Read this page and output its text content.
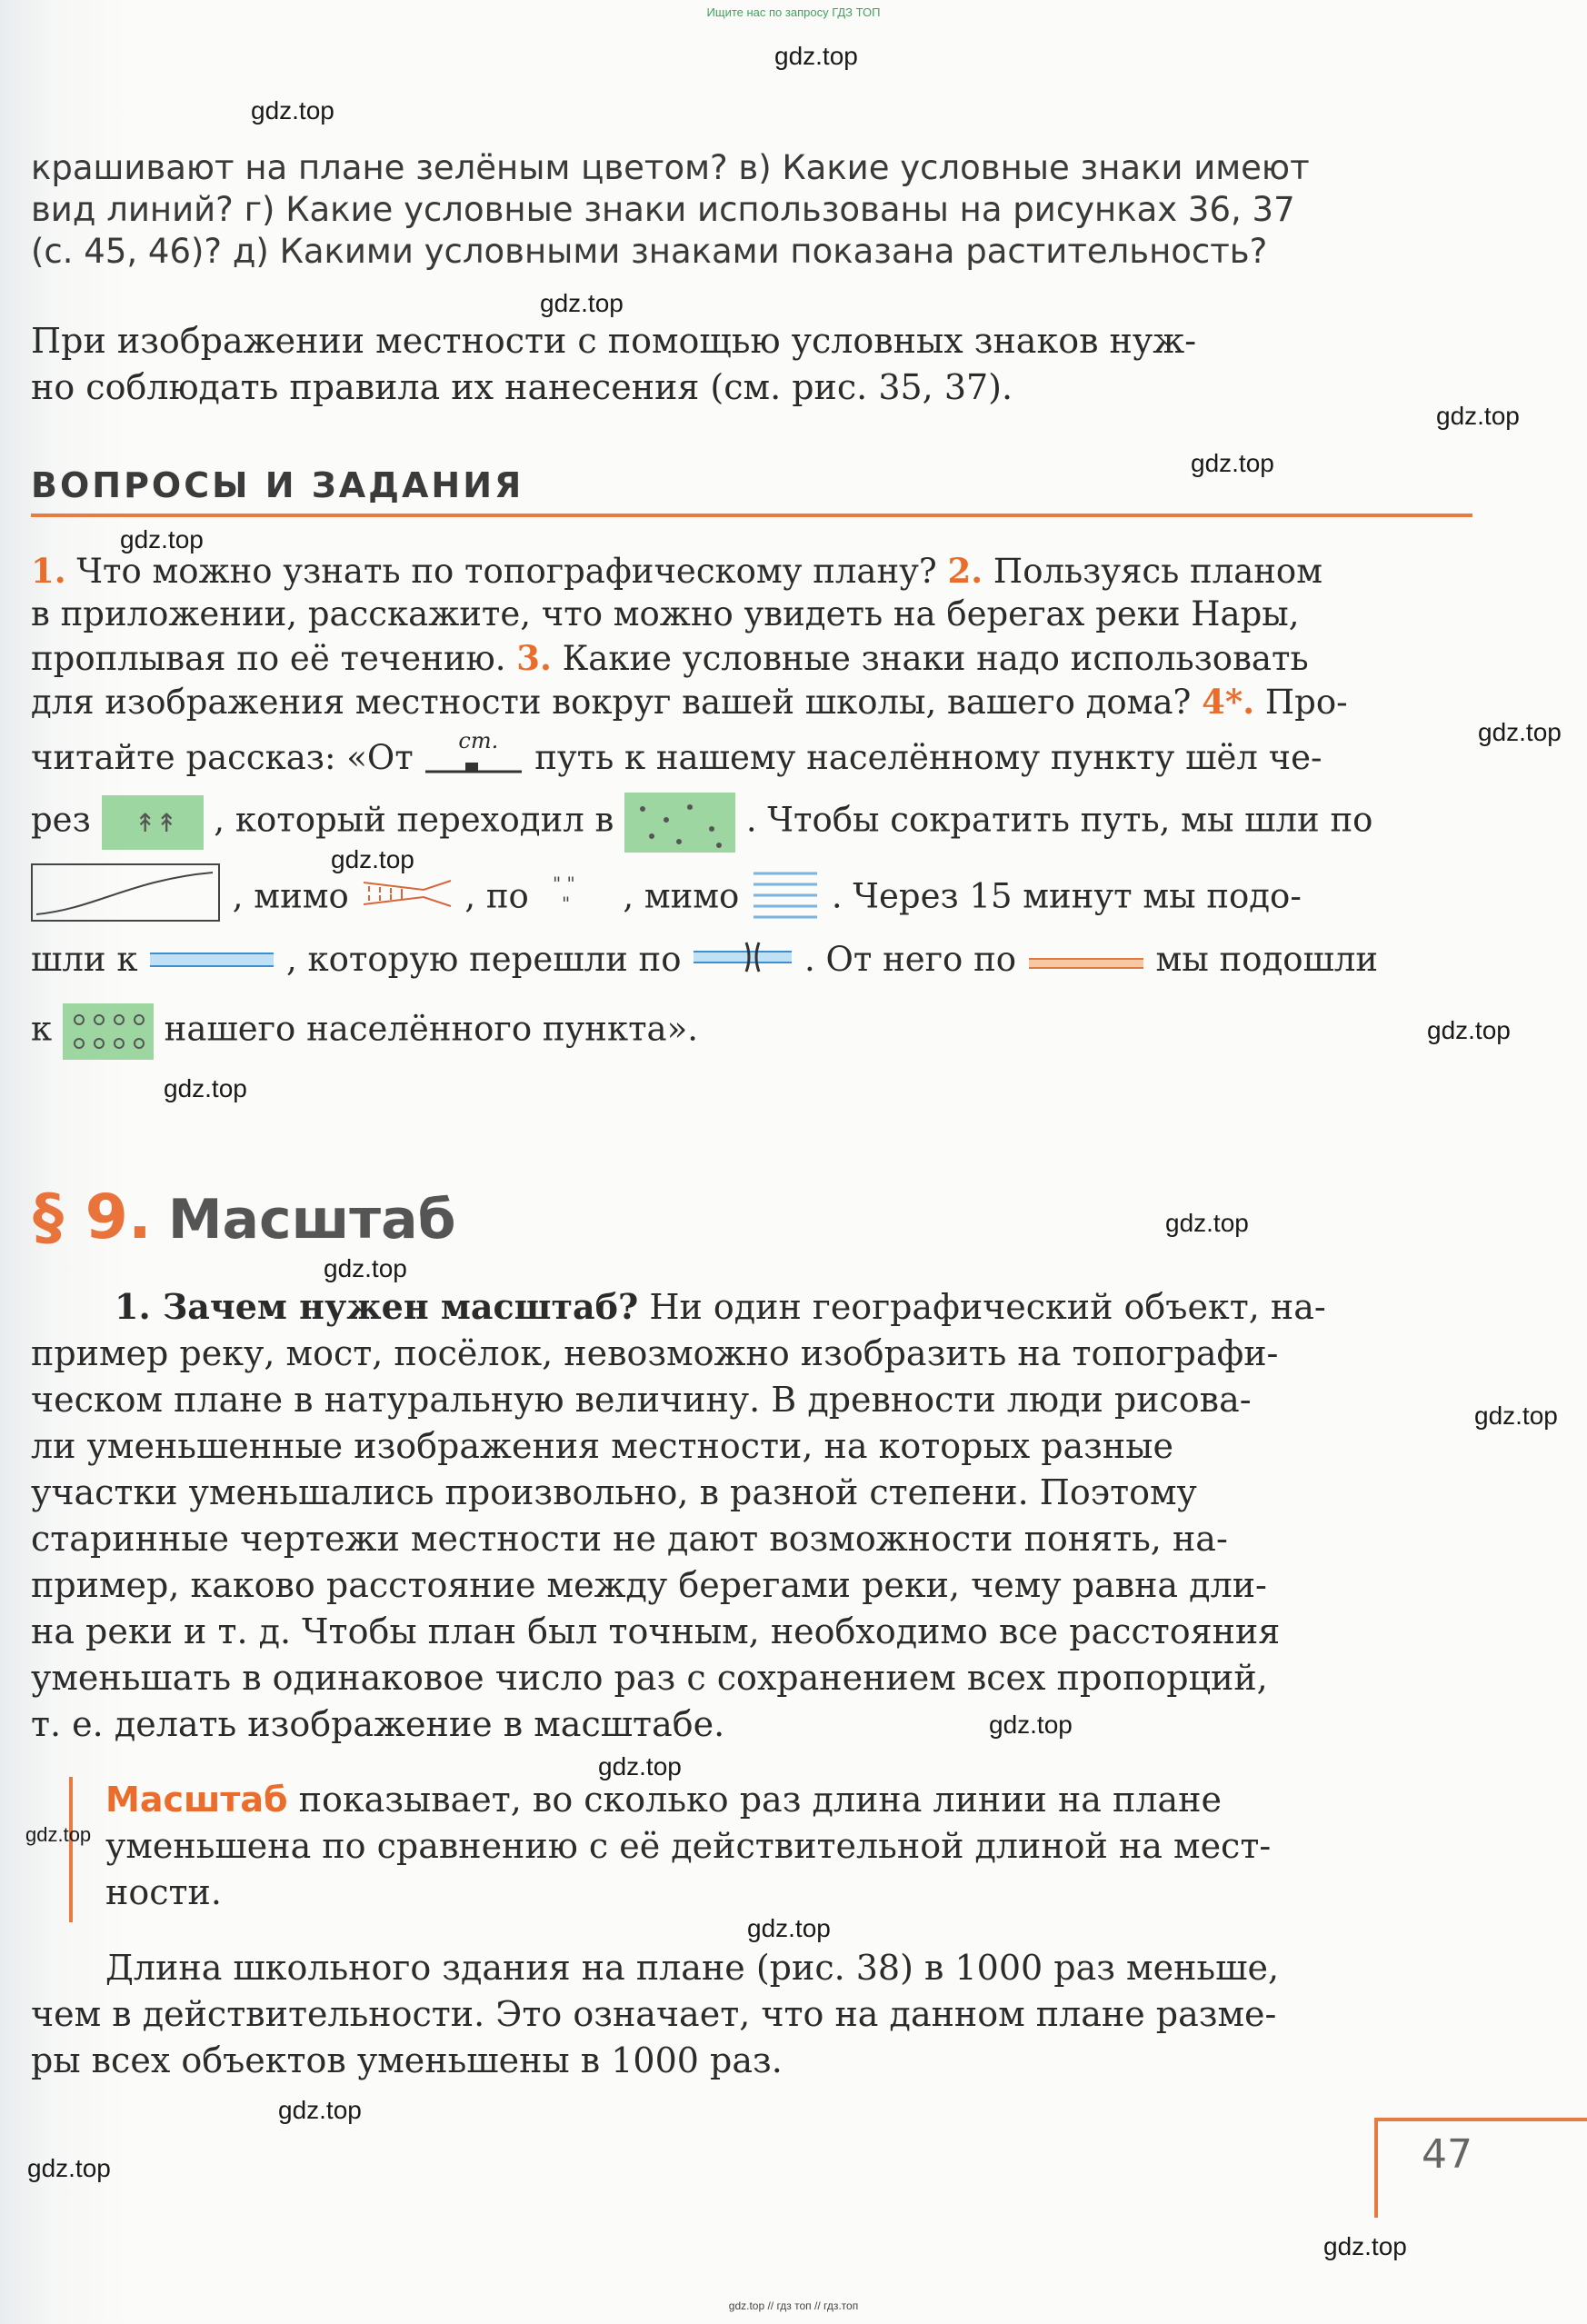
Ищите нас по запросу ГДЗ ТОП

крашивают на плане зелёным цветом? в) Какие условные знаки имеют

вид линий? г) Какие условные знаки использованы на рисунках 36, 37

(с. 45, 46)? д) Какими условными знаками показана растительность?

При изображении местности с помощью условных знаков нуж-

но соблюдать правила их нанесения (см. рис. 35, 37).

ВОПРОСЫ И ЗАДАНИЯ
1. Что можно узнать по топографическому плану? 2. Пользуясь планом
в приложении, расскажите, что можно увидеть на берегах реки Нары,
проплывая по её течению. 3. Какие условные знаки надо использовать
для изображения местности вокруг вашей школы, вашего дома? 4*. Про-
читайте рассказ: «От ст. путь к нашему населённому пункту шёл че-
рез ↟↟ , который переходил в	. Чтобы сократить путь, мы шли по
, мимо	, по " "
" , мимо  . Через 15 минут мы подо-
шли к	, которую перешли по	. От него по	мы подошли
к	нашего населённого пункта».
§ 9. Масштаб

1. Зачем нужен масштаб? Ни один географический объект, на-

пример реку, мост, посёлок, невозможно изобразить на топографи-

ческом плане в натуральную величину. В древности люди рисова-

ли уменьшенные изображения местности, на которых разные

участки уменьшались произвольно, в разной степени. Поэтому

старинные чертежи местности не дают возможности понять, на-

пример, каково расстояние между берегами реки, чему равна дли-

на реки и т. д. Чтобы план был точным, необходимо все расстояния

уменьшать в одинаковое число раз с сохранением всех пропорций,

т. е. делать изображение в масштабе.

Масштаб показывает, во сколько раз длина линии на плане

уменьшена по сравнению с её действительной длиной на мест-

ности.

Длина школьного здания на плане (рис. 38) в 1000 раз меньше,

чем в действительности. Это означает, что на данном плане разме-

ры всех объектов уменьшены в 1000 раз.

47
gdz.top
gdz.top
gdz.top
gdz.top
gdz.top
gdz.top
gdz.top
gdz.top
gdz.top
gdz.top
gdz.top
gdz.top
gdz.top
gdz.top
gdz.top
gdz.top
gdz.top
gdz.top
gdz.top
gdz.top
gdz.top // гдз топ // гдз.топ
